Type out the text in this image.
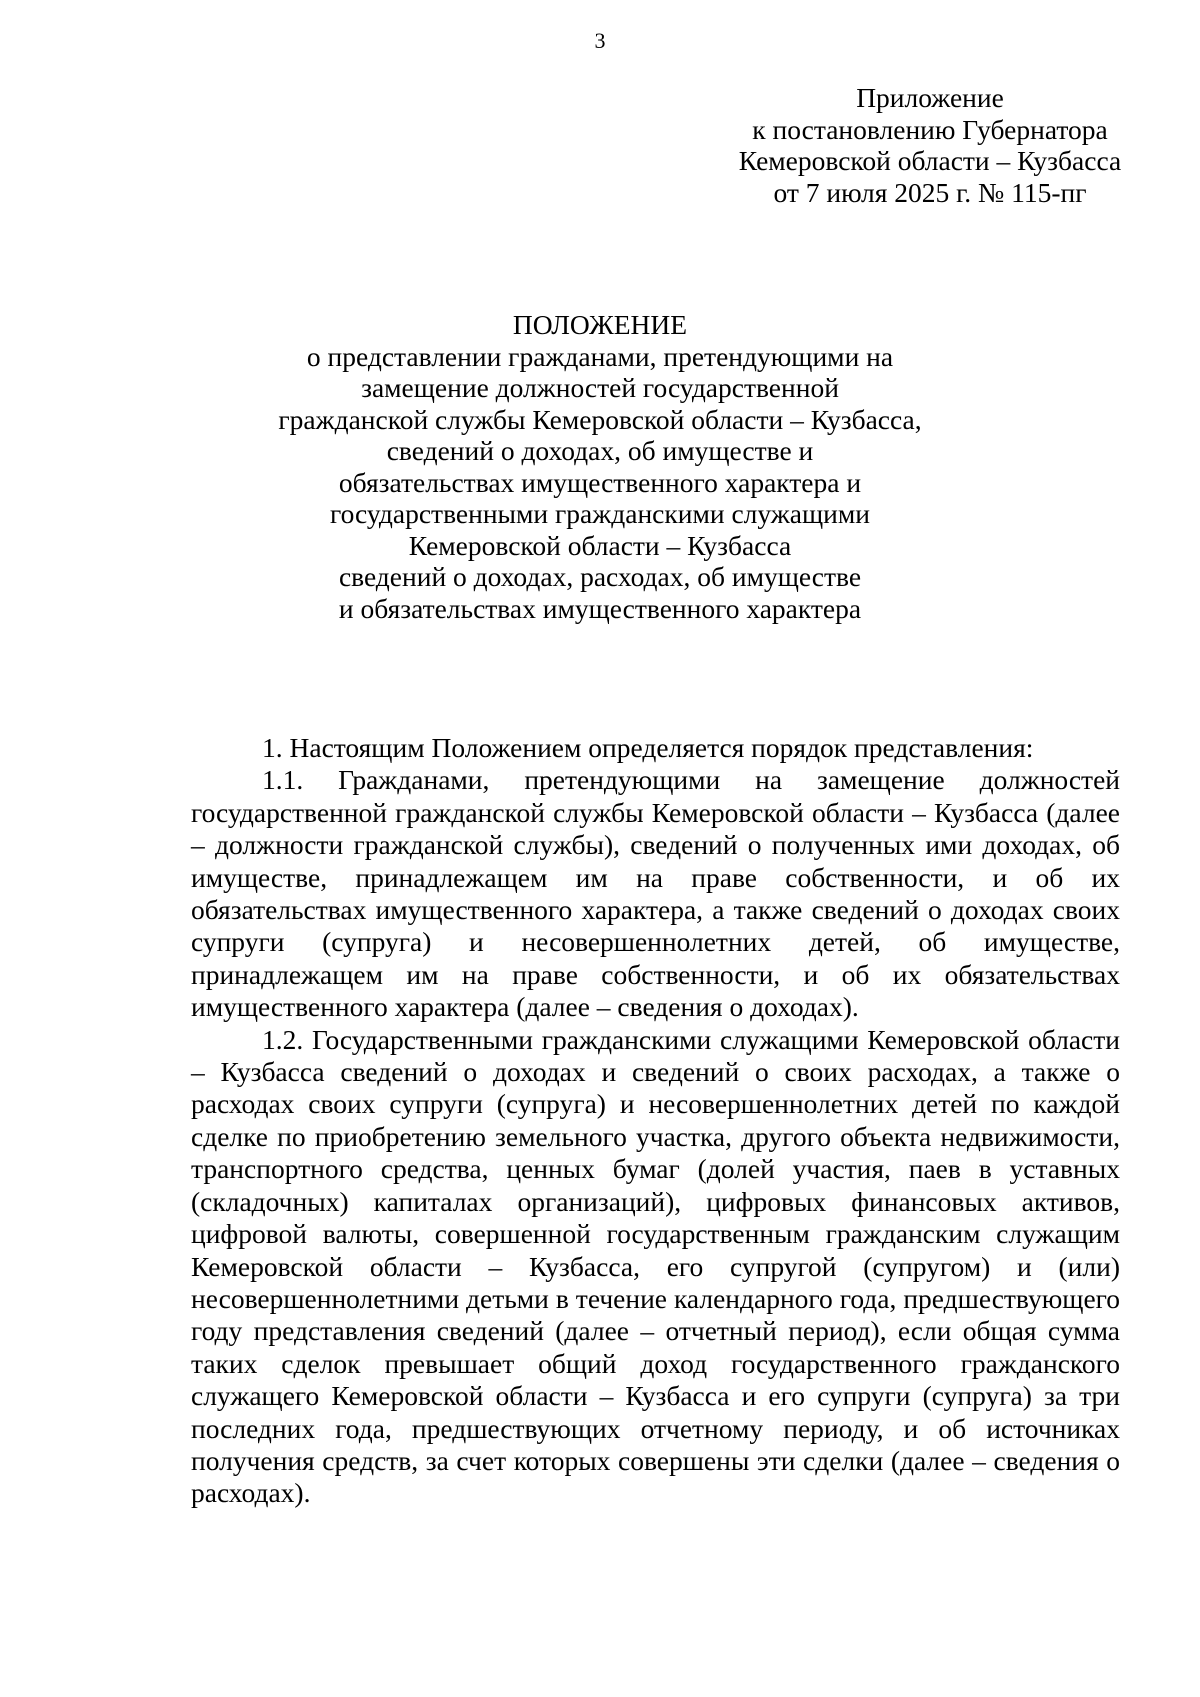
3
Приложение
к постановлению Губернатора
Кемеровской области – Кузбасса
от 7 июля 2025 г. № 115-пг
ПОЛОЖЕНИЕ
о представлении гражданами, претендующими на
замещение должностей государственной
гражданской службы Кемеровской области – Кузбасса,
сведений о доходах, об имуществе и
обязательствах имущественного характера и
государственными гражданскими служащими
Кемеровской области – Кузбасса
сведений о доходах, расходах, об имуществе
и обязательствах имущественного характера

1. Настоящим Положением определяется порядок представления:

1.1. Гражданами, претендующими на замещение должностей государственной гражданской службы Кемеровской области – Кузбасса (далее – должности гражданской службы), сведений о полученных ими доходах, об имуществе, принадлежащем им на праве собственности, и об их обязательствах имущественного характера, а также сведений о доходах своих супруги (супруга) и несовершеннолетних детей, об имуществе, принадлежащем им на праве собственности, и об их обязательствах имущественного характера (далее – сведения о доходах).

1.2. Государственными гражданскими служащими Кемеровской области – Кузбасса сведений о доходах и сведений о своих расходах, а также о расходах своих супруги (супруга) и несовершеннолетних детей по каждой сделке по приобретению земельного участка, другого объекта недвижимости, транспортного средства, ценных бумаг (долей участия, паев в уставных (складочных) капиталах организаций), цифровых финансовых активов, цифровой валюты, совершенной государственным гражданским служащим Кемеровской области – Кузбасса, его супругой (супругом) и (или) несовершеннолетними детьми в течение календарного года, предшествующего году представления сведений (далее – отчетный период), если общая сумма таких сделок превышает общий доход государственного гражданского служащего Кемеровской области – Кузбасса и его супруги (супруга) за три последних года, предшествующих отчетному периоду, и об источниках получения средств, за счет которых совершены эти сделки (далее – сведения о расходах).
